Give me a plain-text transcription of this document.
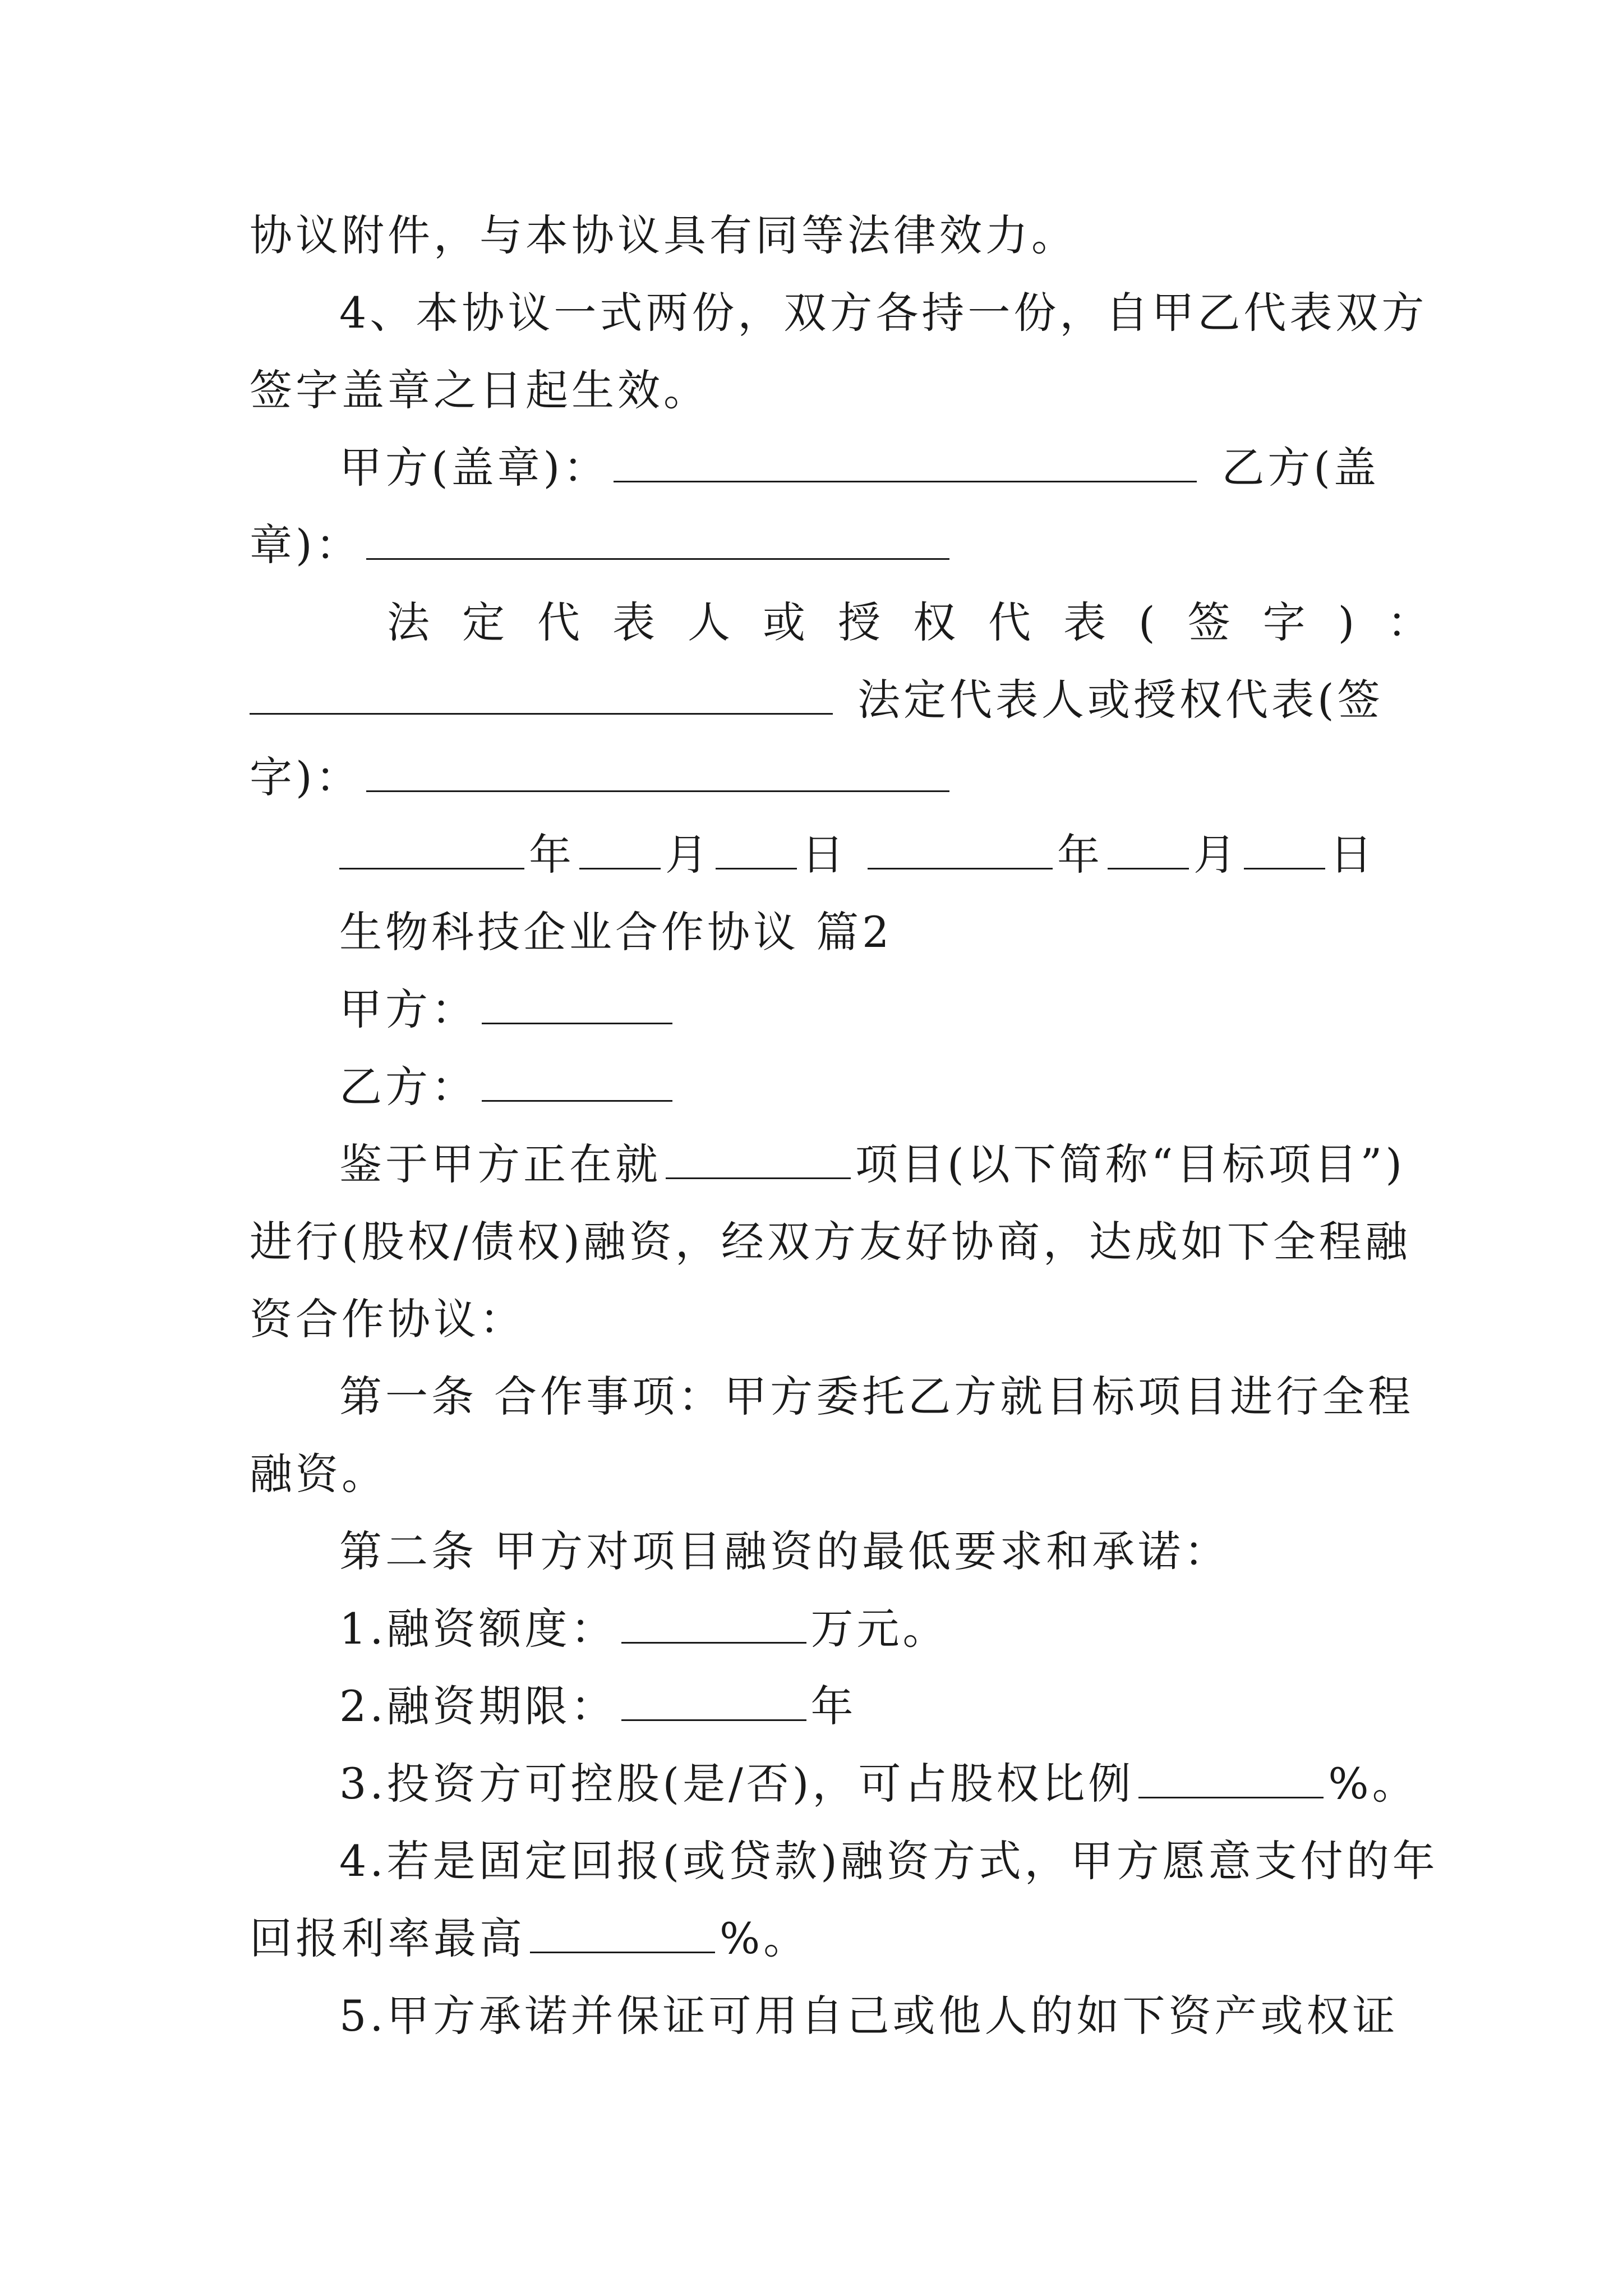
协议附件，与本协议具有同等法律效力。
4、本协议一式两份，双方各持一份，自甲乙代表双方
签字盖章之日起生效。
甲方(盖章)：	乙方(盖
章)：
法定代表人或授权代表(签字)：
法定代表人或授权代表(签
字)：
年 月 日	年 月 日
生物科技企业合作协议 篇2
甲方：
乙方：
鉴于甲方正在就	项目(以下简称“目标项目”)
进行(股权/债权)融资，经双方友好协商，达成如下全程融
资合作协议：
第一条 合作事项：甲方委托乙方就目标项目进行全程
融资。
第二条 甲方对项目融资的最低要求和承诺：
1.融资额度：	万元。
2.融资期限：	年
3.投资方可控股(是/否)，可占股权比例	%。
4.若是固定回报(或贷款)融资方式，甲方愿意支付的年
回报利率最高	%。
5.甲方承诺并保证可用自己或他人的如下资产或权证
